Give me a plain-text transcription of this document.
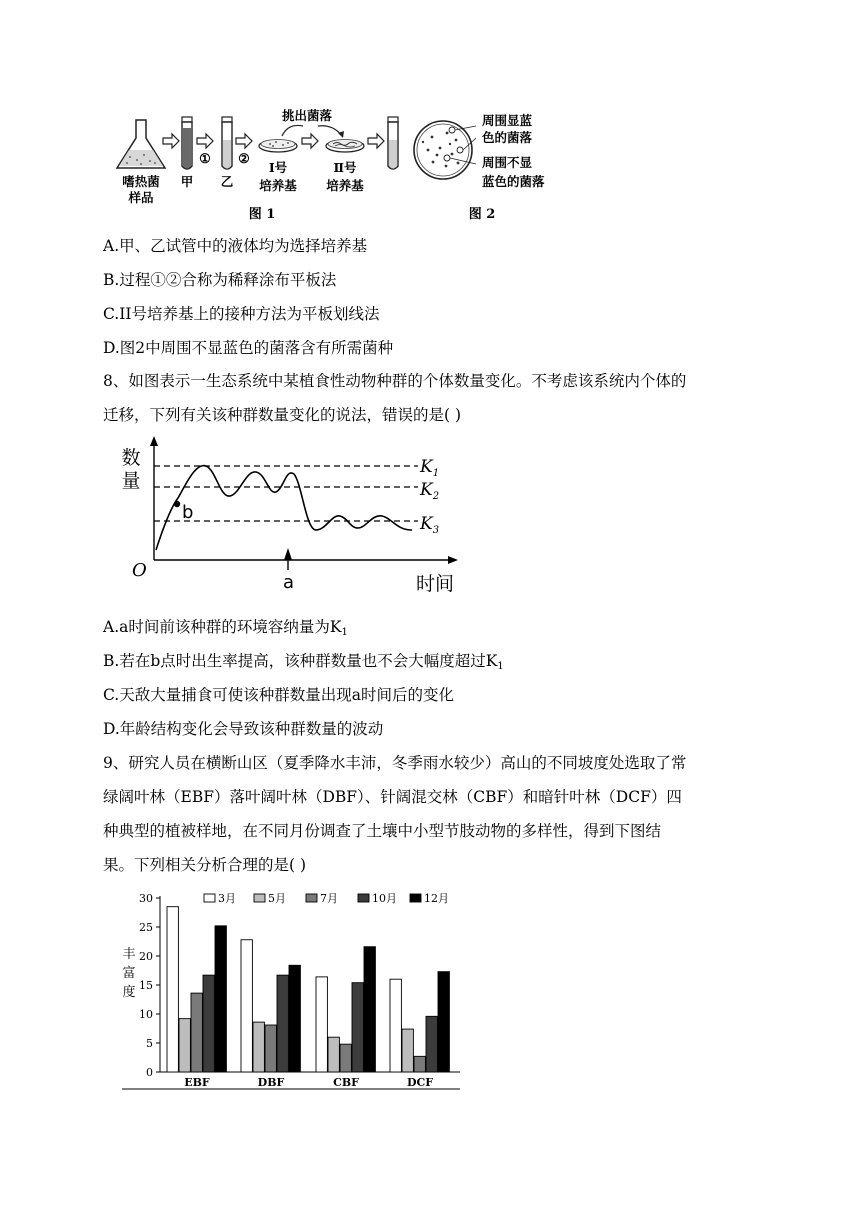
嗜热菌
样品
甲
①
乙
②
Ⅰ号
培养基
挑出菌落
Ⅱ号
培养基
图 1
周围显蓝
色的菌落
周围不显
蓝色的菌落
图 2
A.甲、乙试管中的液体均为选择培养基
B.过程①②合称为稀释涂布平板法
C.II号培养基上的接种方法为平板划线法
D.图2中周围不显蓝色的菌落含有所需菌种
8、如图表示一生态系统中某植食性动物种群的个体数量变化。不考虑该系统内个体的
迁移，下列有关该种群数量变化的说法，错误的是( )
数
量
O
时间
$K_1$
$K_2$
$K_3$
b
a
A.a时间前该种群的环境容纳量为$K_1$
B.若在b点时出生率提高，该种群数量也不会大幅度超过$K_1$
C.天敌大量捕食可使该种群数量出现a时间后的变化
D.年龄结构变化会导致该种群数量的波动
9、研究人员在横断山区（夏季降水丰沛，冬季雨水较少）高山的不同坡度处选取了常
绿阔叶林（EBF）落叶阔叶林（DBF）、针阔混交林（CBF）和暗针叶林（DCF）四
种典型的植被样地，在不同月份调查了土壤中小型节肢动物的多样性，得到下图结
果。下列相关分析合理的是( )
0
5
10
15
20
25
30
丰
富
度
EBF	DBF	CBF	DCF
3月	5月	7月	10月 12月
